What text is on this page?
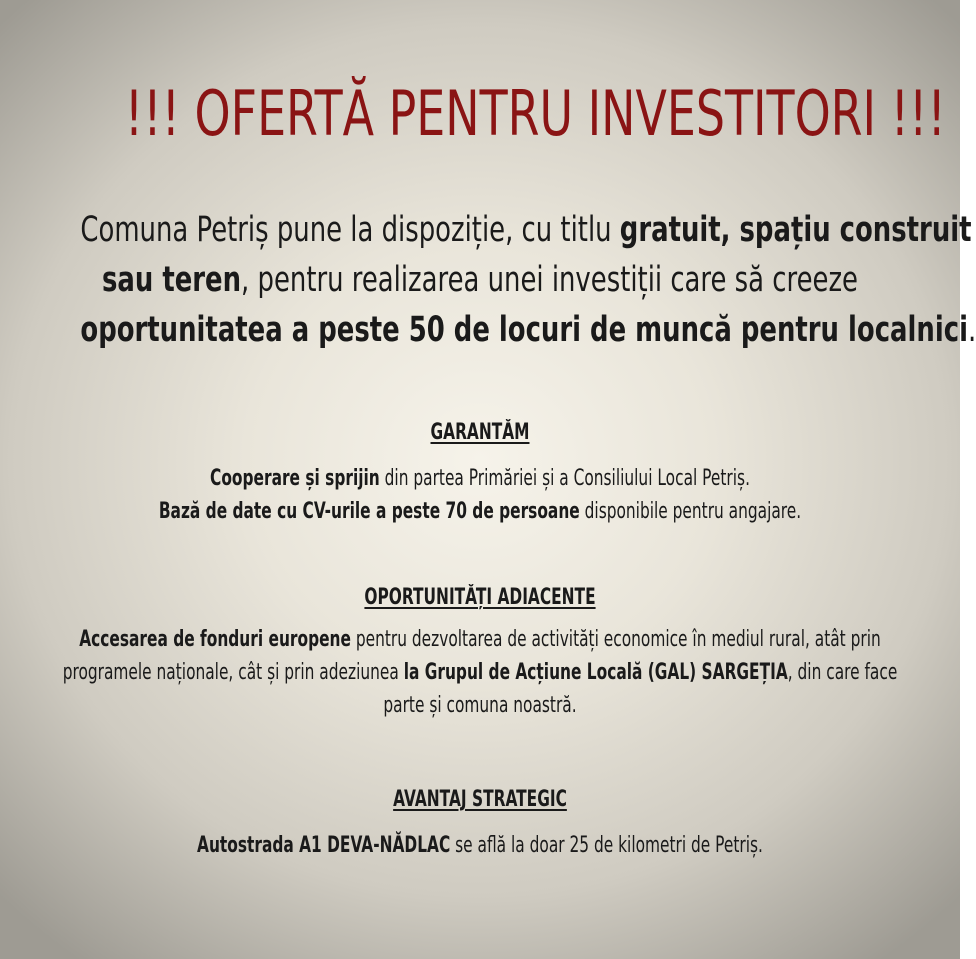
!!! OFERTĂ PENTRU INVESTITORI !!!
Comuna Petriș pune la dispoziție, cu titlu gratuit, spațiu construit
sau teren, pentru realizarea unei investiții care să creeze
oportunitatea a peste 50 de locuri de muncă pentru localnici.
GARANTĂM
Cooperare și sprijin din partea Primăriei și a Consiliului Local Petriș.
Bază de date cu CV-urile a peste 70 de persoane disponibile pentru angajare.
OPORTUNITĂȚI ADIACENTE
Accesarea de fonduri europene pentru dezvoltarea de activități economice în mediul rural, atât prin
programele naționale, cât și prin adeziunea la Grupul de Acțiune Locală (GAL) SARGEȚIA, din care face
parte și comuna noastră.
AVANTAJ STRATEGIC
Autostrada A1 DEVA-NĂDLAC se află la doar 25 de kilometri de Petriș.
